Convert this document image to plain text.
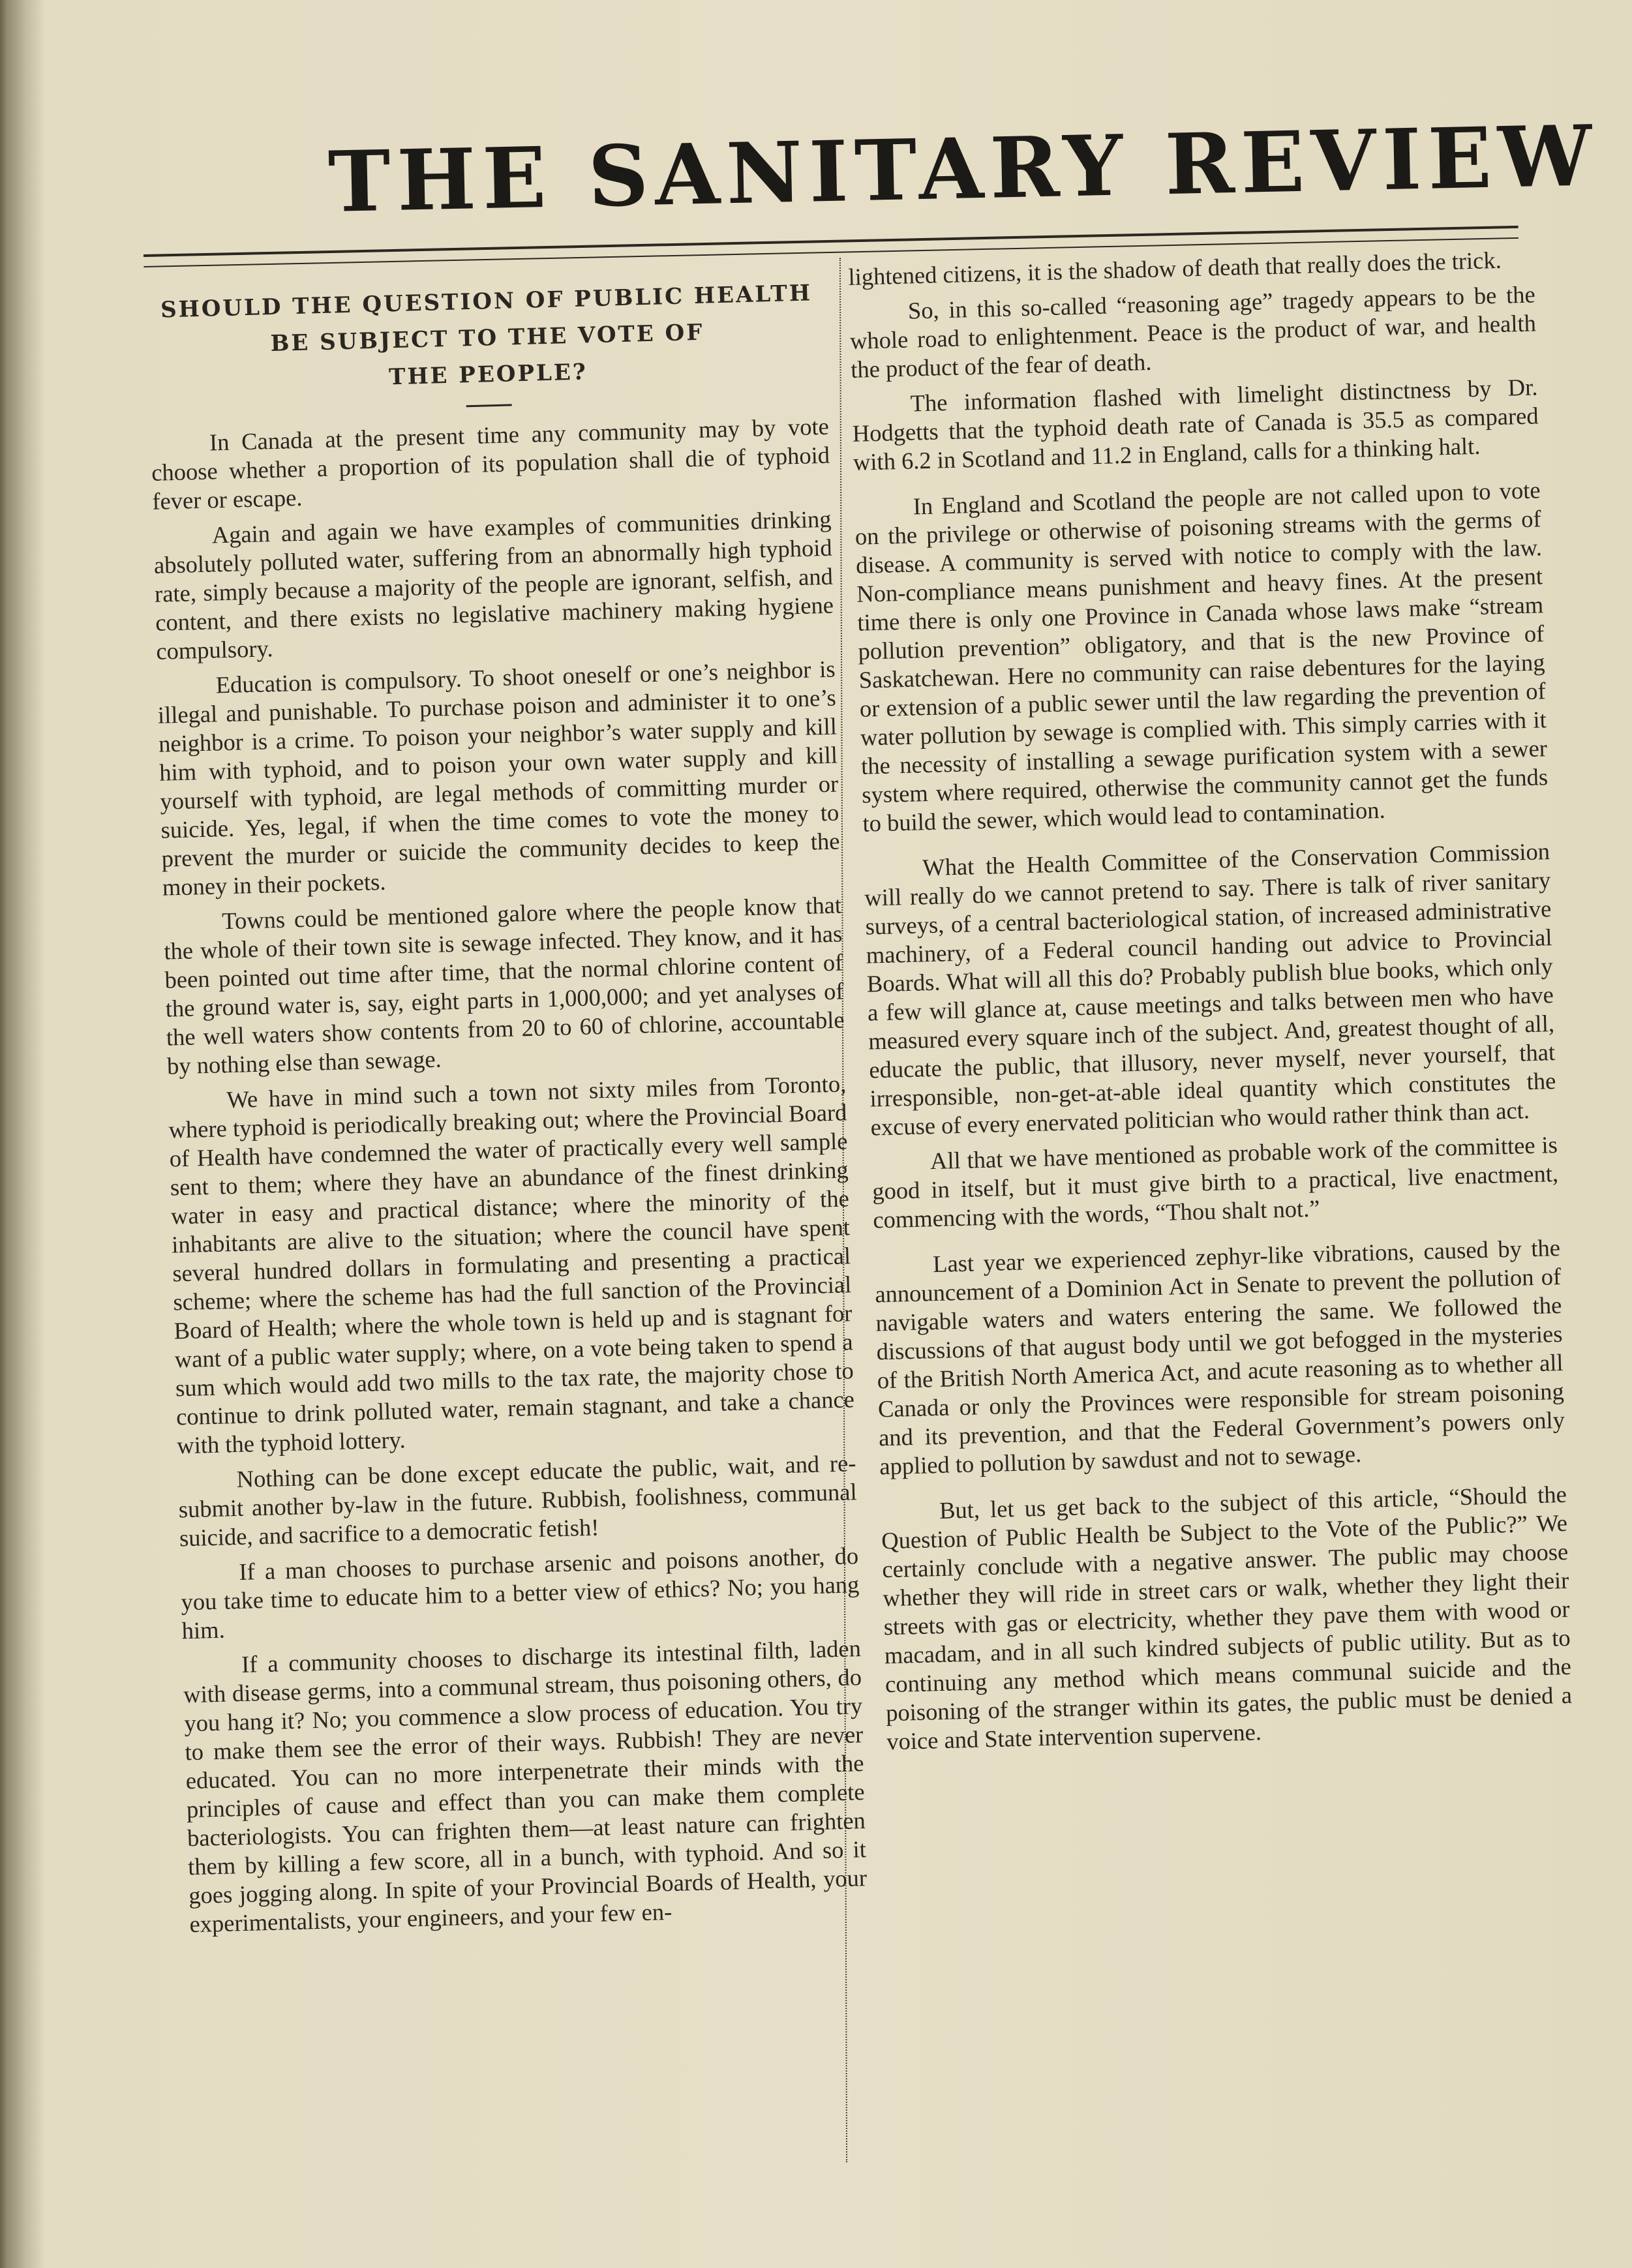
THE SANITARY REVIEW
SHOULD THE QUESTION OF PUBLIC HEALTH
BE SUBJECT TO THE VOTE OF
THE PEOPLE?

In Canada at the present time any community may by vote choose whether a proportion of its population shall die of typhoid fever or escape.

Again and again we have examples of communities drinking absolutely polluted water, suffering from an abnormally high typhoid rate, simply because a majority of the people are ignorant, selfish, and content, and there exists no legislative machinery making hygiene compulsory.

Education is compulsory. To shoot oneself or one’s neighbor is illegal and punishable. To purchase poison and administer it to one’s neighbor is a crime. To poison your neighbor’s water supply and kill him with typhoid, and to poison your own water supply and kill yourself with typhoid, are legal methods of committing murder or suicide. Yes, legal, if when the time comes to vote the money to prevent the murder or suicide the community decides to keep the money in their pockets.

Towns could be mentioned galore where the people know that the whole of their town site is sewage infected. They know, and it has been pointed out time after time, that the normal chlorine content of the ground water is, say, eight parts in 1,000,000; and yet analyses of the well waters show contents from 20 to 60 of chlorine, accountable by nothing else than sewage.

We have in mind such a town not sixty miles from Toronto, where typhoid is periodically breaking out; where the Provincial Board of Health have condemned the water of practically every well sample sent to them; where they have an abundance of the finest drinking water in easy and practical distance; where the minority of the inhabitants are alive to the situation; where the council have spent several hundred dollars in formulating and presenting a practical scheme; where the scheme has had the full sanction of the Provincial Board of Health; where the whole town is held up and is stagnant for want of a public water supply; where, on a vote being taken to spend a sum which would add two mills to the tax rate, the majority chose to continue to drink polluted water, remain stagnant, and take a chance with the typhoid lottery.

Nothing can be done except educate the public, wait, and re-submit another by-law in the future. Rubbish, foolishness, communal suicide, and sacrifice to a democratic fetish!

If a man chooses to purchase arsenic and poisons another, do you take time to educate him to a better view of ethics? No; you hang him.

If a community chooses to discharge its intestinal filth, laden with disease germs, into a communal stream, thus poisoning others, do you hang it? No; you commence a slow process of education. You try to make them see the error of their ways. Rubbish! They are never educated. You can no more interpenetrate their minds with the principles of cause and effect than you can make them complete bacteriologists. You can frighten them—at least nature can frighten them by killing a few score, all in a bunch, with typhoid. And so it goes jogging along. In spite of your Provincial Boards of Health, your experimentalists, your engineers, and your few en-

lightened citizens, it is the shadow of death that really does the trick.

So, in this so-called “reasoning age” tragedy appears to be the whole road to enlightenment. Peace is the product of war, and health the product of the fear of death.

The information flashed with limelight distinctness by Dr. Hodgetts that the typhoid death rate of Canada is 35.5 as compared with 6.2 in Scotland and 11.2 in England, calls for a thinking halt.

In England and Scotland the people are not called upon to vote on the privilege or otherwise of poisoning streams with the germs of disease. A community is served with notice to comply with the law. Non-compliance means punishment and heavy fines. At the present time there is only one Province in Canada whose laws make “stream pollution prevention” obligatory, and that is the new Province of Saskatchewan. Here no community can raise debentures for the laying or extension of a public sewer until the law regarding the prevention of water pollution by sewage is complied with. This simply carries with it the necessity of installing a sewage purification system with a sewer system where required, otherwise the community cannot get the funds to build the sewer, which would lead to contamination.

What the Health Committee of the Conservation Commission will really do we cannot pretend to say. There is talk of river sanitary surveys, of a central bacteriological station, of increased administrative machinery, of a Federal council handing out advice to Provincial Boards. What will all this do? Probably publish blue books, which only a few will glance at, cause meetings and talks between men who have measured every square inch of the subject. And, greatest thought of all, educate the public, that illusory, never myself, never yourself, that irresponsible, non-get-at-able ideal quantity which constitutes the excuse of every enervated politician who would rather think than act.

All that we have mentioned as probable work of the committee is good in itself, but it must give birth to a practical, live enactment, commencing with the words, “Thou shalt not.”

Last year we experienced zephyr-like vibrations, caused by the announcement of a Dominion Act in Senate to prevent the pollution of navigable waters and waters entering the same. We followed the discussions of that august body until we got befogged in the mysteries of the British North America Act, and acute reasoning as to whether all Canada or only the Provinces were responsible for stream poisoning and its prevention, and that the Federal Government’s powers only applied to pollution by sawdust and not to sewage.

But, let us get back to the subject of this article, “Should the Question of Public Health be Subject to the Vote of the Public?” We certainly conclude with a negative answer. The public may choose whether they will ride in street cars or walk, whether they light their streets with gas or electricity, whether they pave them with wood or macadam, and in all such kindred subjects of public utility. But as to continuing any method which means communal suicide and the poisoning of the stranger within its gates, the public must be denied a voice and State intervention supervene.
